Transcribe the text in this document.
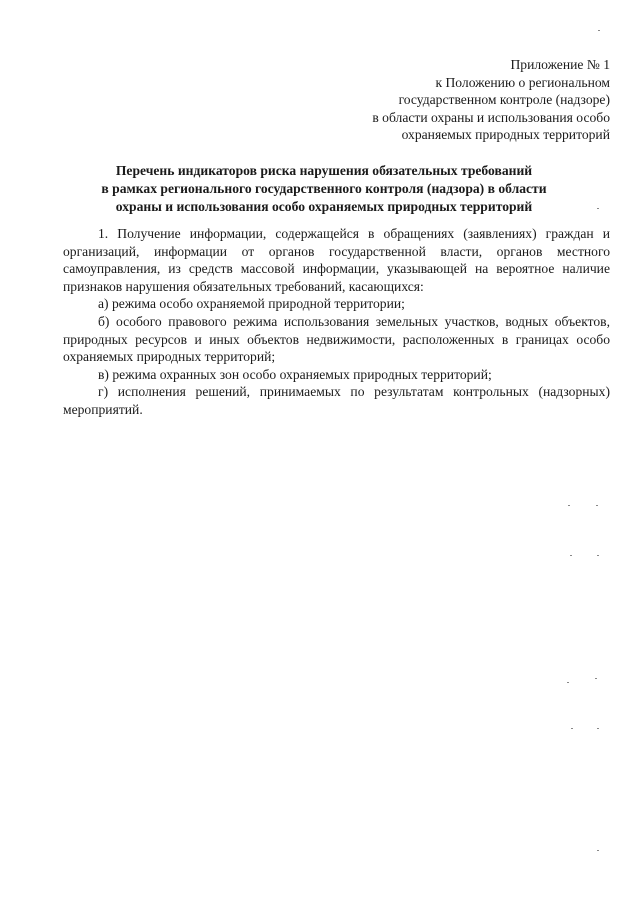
Приложение № 1
к Положению о региональном
государственном контроле (надзоре)
в области охраны и использования особо
охраняемых природных территорий
Перечень индикаторов риска нарушения обязательных требований
в рамках регионального государственного контроля (надзора) в области
охраны и использования особо охраняемых природных территорий

1. Получение информации, содержащейся в обращениях (заявлениях) граждан и организаций, информации от органов государственной власти, органов местного самоуправления, из средств массовой информации, указывающей на вероятное наличие признаков нарушения обязательных требований, касающихся:

а) режима особо охраняемой природной территории;

б) особого правового режима использования земельных участков, водных объектов, природных ресурсов и иных объектов недвижимости, расположенных в границах особо охраняемых природных территорий;

в) режима охранных зон особо охраняемых природных территорий;

г) исполнения решений, принимаемых по результатам контрольных (надзорных) мероприятий.
